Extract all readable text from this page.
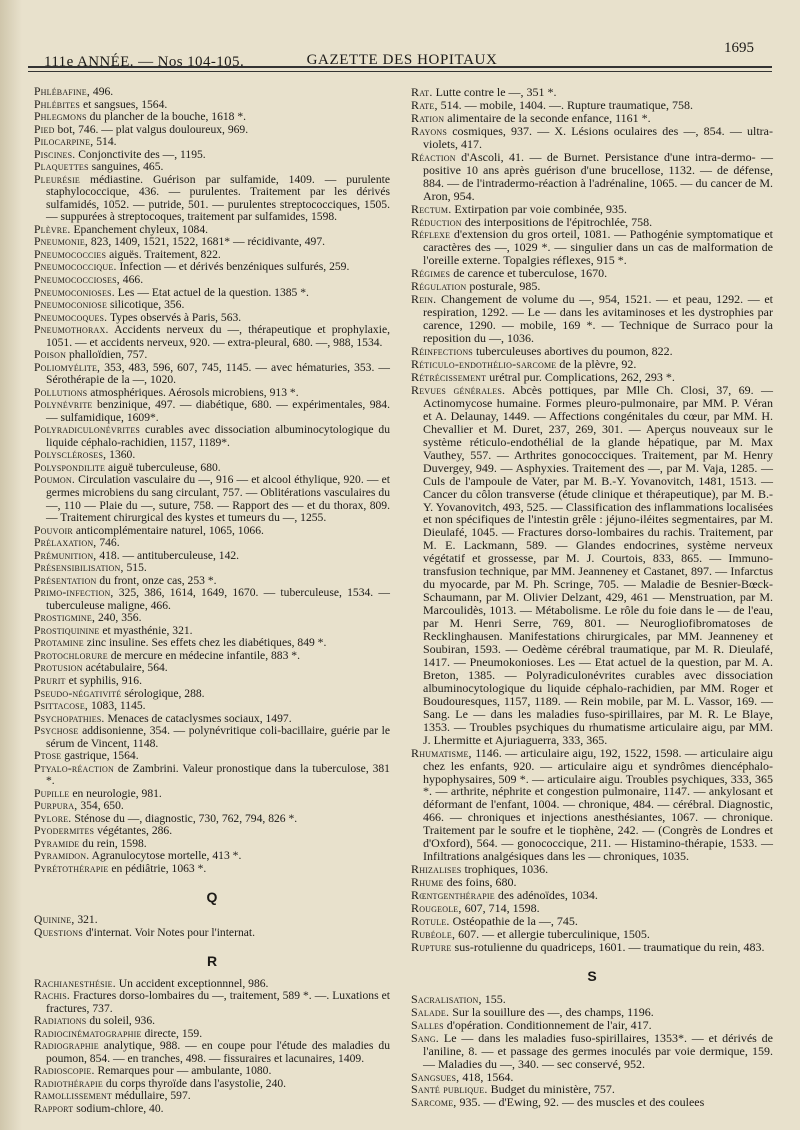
111e ANNÉE. — Nos 104-105.	GAZETTE DES HOPITAUX
1695

Phlébafine, 496.

Phlébites et sangsues, 1564.

Phlegmons du plancher de la bouche, 1618 *.

Pied bot, 746. — plat valgus douloureux, 969.

Pilocarpine, 514.

Piscines. Conjonctivite des —, 1195.

Plaquettes sanguines, 465.

Pleurésie médiastine. Guérison par sulfamide, 1409. — purulente staphylococcique, 436. — purulentes. Traitement par les dérivés sulfamidés, 1052. — putride, 501. — purulentes streptococciques, 1505. — suppurées à streptocoques, traitement par sulfamides, 1598.

Plèvre. Epanchement chyleux, 1084.

Pneumonie, 823, 1409, 1521, 1522, 1681* — récidivante, 497.

Pneumococcies aiguës. Traitement, 822.

Pneumococcique. Infection — et dérivés benzéniques sulfurés, 259.

Pneumococcioses, 466.

Pneumoconioses. Les — Etat actuel de la question. 1385 *.

Pneumoconiose silicotique, 356.

Pneumocoques. Types observés à Paris, 563.

Pneumothorax. Accidents nerveux du —, thérapeutique et prophylaxie, 1051. — et accidents nerveux, 920. — extra-pleural, 680. —, 988, 1534.

Poison phalloïdien, 757.

Poliomyélite, 353, 483, 596, 607, 745, 1145. — avec hématuries, 353. — Sérothérapie de la —, 1020.

Pollutions atmosphériques. Aérosols microbiens, 913 *.

Polynévrite benzinique, 497. — diabétique, 680. — expérimentales, 984. — sulfamidique, 1609*.

Polyradiculonévrites curables avec dissociation albuminocytologique du liquide céphalo-rachidien, 1157, 1189*.

Polyscléroses, 1360.

Polyspondilite aiguë tuberculeuse, 680.

Poumon. Circulation vasculaire du —, 916 — et alcool éthylique, 920. — et germes microbiens du sang circulant, 757. — Oblitérations vasculaires du —, 110 — Plaie du —, suture, 758. — Rapport des — et du thorax, 809. — Traitement chirurgical des kystes et tumeurs du —, 1255.

Pouvoir anticomplémentaire naturel, 1065, 1066.

Prélaxation, 746.

Prémunition, 418. — antituberculeuse, 142.

Présensibilisation, 515.

Présentation du front, onze cas, 253 *.

Primo-infection, 325, 386, 1614, 1649, 1670. — tuberculeuse, 1534. — tuberculeuse maligne, 466.

Prostigmine, 240, 356.

Prostiquinine et myasthénie, 321.

Protamine zinc insuline. Ses effets chez les diabétiques, 849 *.

Protochlorure de mercure en médecine infantile, 883 *.

Protusion acétabulaire, 564.

Prurit et syphilis, 916.

Pseudo-négativité sérologique, 288.

Psittacose, 1083, 1145.

Psychopathies. Menaces de cataclysmes sociaux, 1497.

Psychose addisonienne, 354. — polynévritique coli-bacillaire, guérie par le sérum de Vincent, 1148.

Ptose gastrique, 1564.

Ptyalo-réaction de Zambrini. Valeur pronostique dans la tuberculose, 381 *.

Pupille en neurologie, 981.

Purpura, 354, 650.

Pylore. Sténose du —, diagnostic, 730, 762, 794, 826 *.

Pyodermites végétantes, 286.

Pyramide du rein, 1598.

Pyramidon. Agranulocytose mortelle, 413 *.

Pyrétothérapie en pédiâtrie, 1063 *.

Q

Quinine, 321.

Questions d'internat. Voir Notes pour l'internat.

R

Rachianesthésie. Un accident exceptionnnel, 986.

Rachis. Fractures dorso-lombaires du —, traitement, 589 *. —. Luxations et fractures, 737.

Radiations du soleil, 936.

Radiocinématographie directe, 159.

Radiographie analytique, 988. — en coupe pour l'étude des maladies du poumon, 854. — en tranches, 498. — fissuraires et lacunaires, 1409.

Radioscopie. Remarques pour — ambulante, 1080.

Radiothérapie du corps thyroïde dans l'asystolie, 240.

Ramollissement médullaire, 597.

Rapport sodium-chlore, 40.

Rat. Lutte contre le —, 351 *.

Rate, 514. — mobile, 1404. —. Rupture traumatique, 758.

Ration alimentaire de la seconde enfance, 1161 *.

Rayons cosmiques, 937. — X. Lésions oculaires des —, 854. — ultra-violets, 417.

Réaction d'Ascoli, 41. — de Burnet. Persistance d'une intra-dermo- — positive 10 ans après guérison d'une brucellose, 1132. — de défense, 884. — de l'intradermo-réaction à l'adrénaline, 1065. — du cancer de M. Aron, 954.

Rectum. Extirpation par voie combinée, 935.

Réduction des interpositions de l'épitrochlée, 758.

Réflexe d'extension du gros orteil, 1081. — Pathogénie symptomatique et caractères des —, 1029 *. — singulier dans un cas de malformation de l'oreille externe. Topalgies réflexes, 915 *.

Régimes de carence et tuberculose, 1670.

Régulation posturale, 985.

Rein. Changement de volume du —, 954, 1521. — et peau, 1292. — et respiration, 1292. — Le — dans les avitaminoses et les dystrophies par carence, 1290. — mobile, 169 *. — Technique de Surraco pour la reposition du —, 1036.

Réinfections tuberculeuses abortives du poumon, 822.

Réticulo-endothélio-sarcome de la plèvre, 92.

Rétrécissement urétral pur. Complications, 262, 293 *.

Revues générales. Abcès pottiques, par Mlle Ch. Closi, 37, 69. — Actinomycose humaine. Formes pleuro-pulmonaire, par MM. P. Véran et A. Delaunay, 1449. — Affections congénitales du cœur, par MM. H. Chevallier et M. Duret, 237, 269, 301. — Aperçus nouveaux sur le système réticulo-endothélial de la glande hépatique, par M. Max Vauthey, 557. — Arthrites gonococciques. Traitement, par M. Henry Duvergey, 949. — Asphyxies. Traitement des —, par M. Vaja, 1285. — Culs de l'ampoule de Vater, par M. B.-Y. Yovanovitch, 1481, 1513. — Cancer du côlon transverse (étude clinique et thérapeutique), par M. B.-Y. Yovanovitch, 493, 525. — Classification des inflammations localisées et non spécifiques de l'intestin grêle : jéjuno-iléites segmentaires, par M. Dieulafé, 1045. — Fractures dorso-lombaires du rachis. Traitement, par M. E. Lackmann, 589. — Glandes endocrines, système nerveux végétatif et grossesse, par M. J. Courtois, 833, 865. — Immuno-transfusion technique, par MM. Jeanneney et Castanet, 897. — Infarctus du myocarde, par M. Ph. Scringe, 705. — Maladie de Besnier-Bœck-Schaumann, par M. Olivier Delzant, 429, 461 — Menstruation, par M. Marcoulidès, 1013. — Métabolisme. Le rôle du foie dans le — de l'eau, par M. Henri Serre, 769, 801. — Neurogliofibromatoses de Recklinghausen. Manifestations chirurgicales, par MM. Jeanneney et Soubiran, 1593. — Oedème cérébral traumatique, par M. R. Dieulafé, 1417. — Pneumokonioses. Les — Etat actuel de la question, par M. A. Breton, 1385. — Polyradiculonévrites curables avec dissociation albuminocytologique du liquide céphalo-rachidien, par MM. Roger et Boudouresques, 1157, 1189. — Rein mobile, par M. L. Vassor, 169. — Sang. Le — dans les maladies fuso-spirillaires, par M. R. Le Blaye, 1353. — Troubles psychiques du rhumatisme articulaire aigu, par MM. J. Lhermitte et Ajuriaguerra, 333, 365.

Rhumatisme, 1146. — articulaire aigu, 192, 1522, 1598. — articulaire aigu chez les enfants, 920. — articulaire aigu et syndrômes diencéphalo-hypophysaires, 509 *. — articulaire aigu. Troubles psychiques, 333, 365 *. — arthrite, néphrite et congestion pulmonaire, 1147. — ankylosant et déformant de l'enfant, 1004. — chronique, 484. — cérébral. Diagnostic, 466. — chroniques et injections anesthésiantes, 1067. — chronique. Traitement par le soufre et le tiophène, 242. — (Congrès de Londres et d'Oxford), 564. — gonococcique, 211. — Histamino-thérapie, 1533. — Infiltrations analgésiques dans les — chroniques, 1035.

Rhizalises trophiques, 1036.

Rhume des foins, 680.

Rœntgenthérapie des adénoïdes, 1034.

Rougeole, 607, 714, 1598.

Rotule. Ostéopathie de la —, 745.

Rubéole, 607. — et allergie tuberculinique, 1505.

Rupture sus-rotulienne du quadriceps, 1601. — traumatique du rein, 483.

S

Sacralisation, 155.

Salade. Sur la souillure des —, des champs, 1196.

Salles d'opération. Conditionnement de l'air, 417.

Sang. Le — dans les maladies fuso-spirillaires, 1353*. — et dérivés de l'aniline, 8. — et passage des germes inoculés par voie dermique, 159. — Maladies du —, 340. — sec conservé, 952.

Sangsues, 418, 1564.

Santé publique. Budget du ministère, 757.

Sarcome, 935. — d'Ewing, 92. — des muscles et des coulees
